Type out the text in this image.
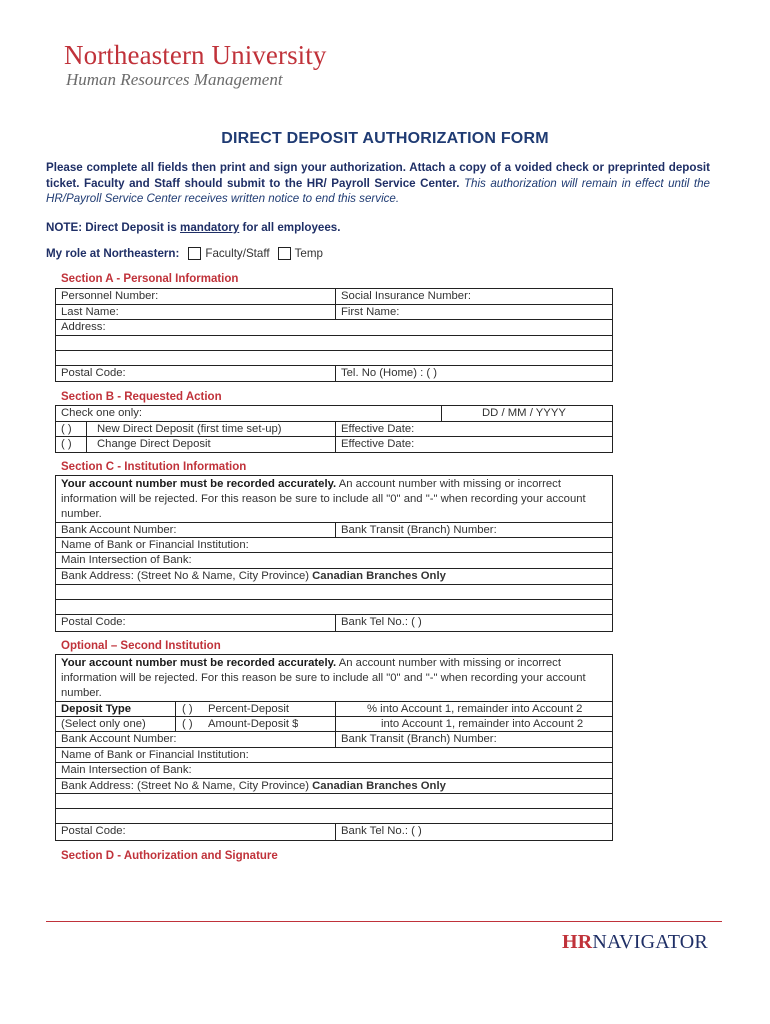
Northeastern University
Human Resources Management
DIRECT DEPOSIT AUTHORIZATION FORM
Please complete all fields then print and sign your authorization. Attach a copy of a voided check or preprinted deposit ticket. Faculty and Staff should submit to the HR/ Payroll Service Center. This authorization will remain in effect until the HR/Payroll Service Center receives written notice to end this service.
NOTE: Direct Deposit is mandatory for all employees.
My role at Northeastern: Faculty/Staff Temp
Section A - Personal Information
Personnel Number:	Social Insurance Number:
Last Name:	First Name:
Address:
Postal Code:	Tel. No (Home) : ( )
Section B - Requested Action
Check one only:	DD / MM / YYYY
( ) New Direct Deposit (first time set-up)	Effective Date:
( ) Change Direct Deposit	Effective Date:
Section C - Institution Information
Your account number must be recorded accurately. An account number with missing or incorrect information will be rejected. For this reason be sure to include all "0" and "-" when recording your account number.
Bank Account Number:	Bank Transit (Branch) Number:
Name of Bank or Financial Institution:
Main Intersection of Bank:
Bank Address: (Street No & Name, City Province) Canadian Branches Only
Postal Code:	Bank Tel No.: ( )
Optional – Second Institution
Your account number must be recorded accurately. An account number with missing or incorrect information will be rejected. For this reason be sure to include all "0" and "-" when recording your account number.
Deposit Type	( ) Percent-Deposit	% into Account 1, remainder into Account 2
(Select only one)	( ) Amount-Deposit $	into Account 1, remainder into Account 2
Bank Account Number:	Bank Transit (Branch) Number:
Name of Bank or Financial Institution:
Main Intersection of Bank:
Bank Address: (Street No & Name, City Province) Canadian Branches Only
Postal Code:	Bank Tel No.: ( )
Section D - Authorization and Signature
HRNAVIGATOR
